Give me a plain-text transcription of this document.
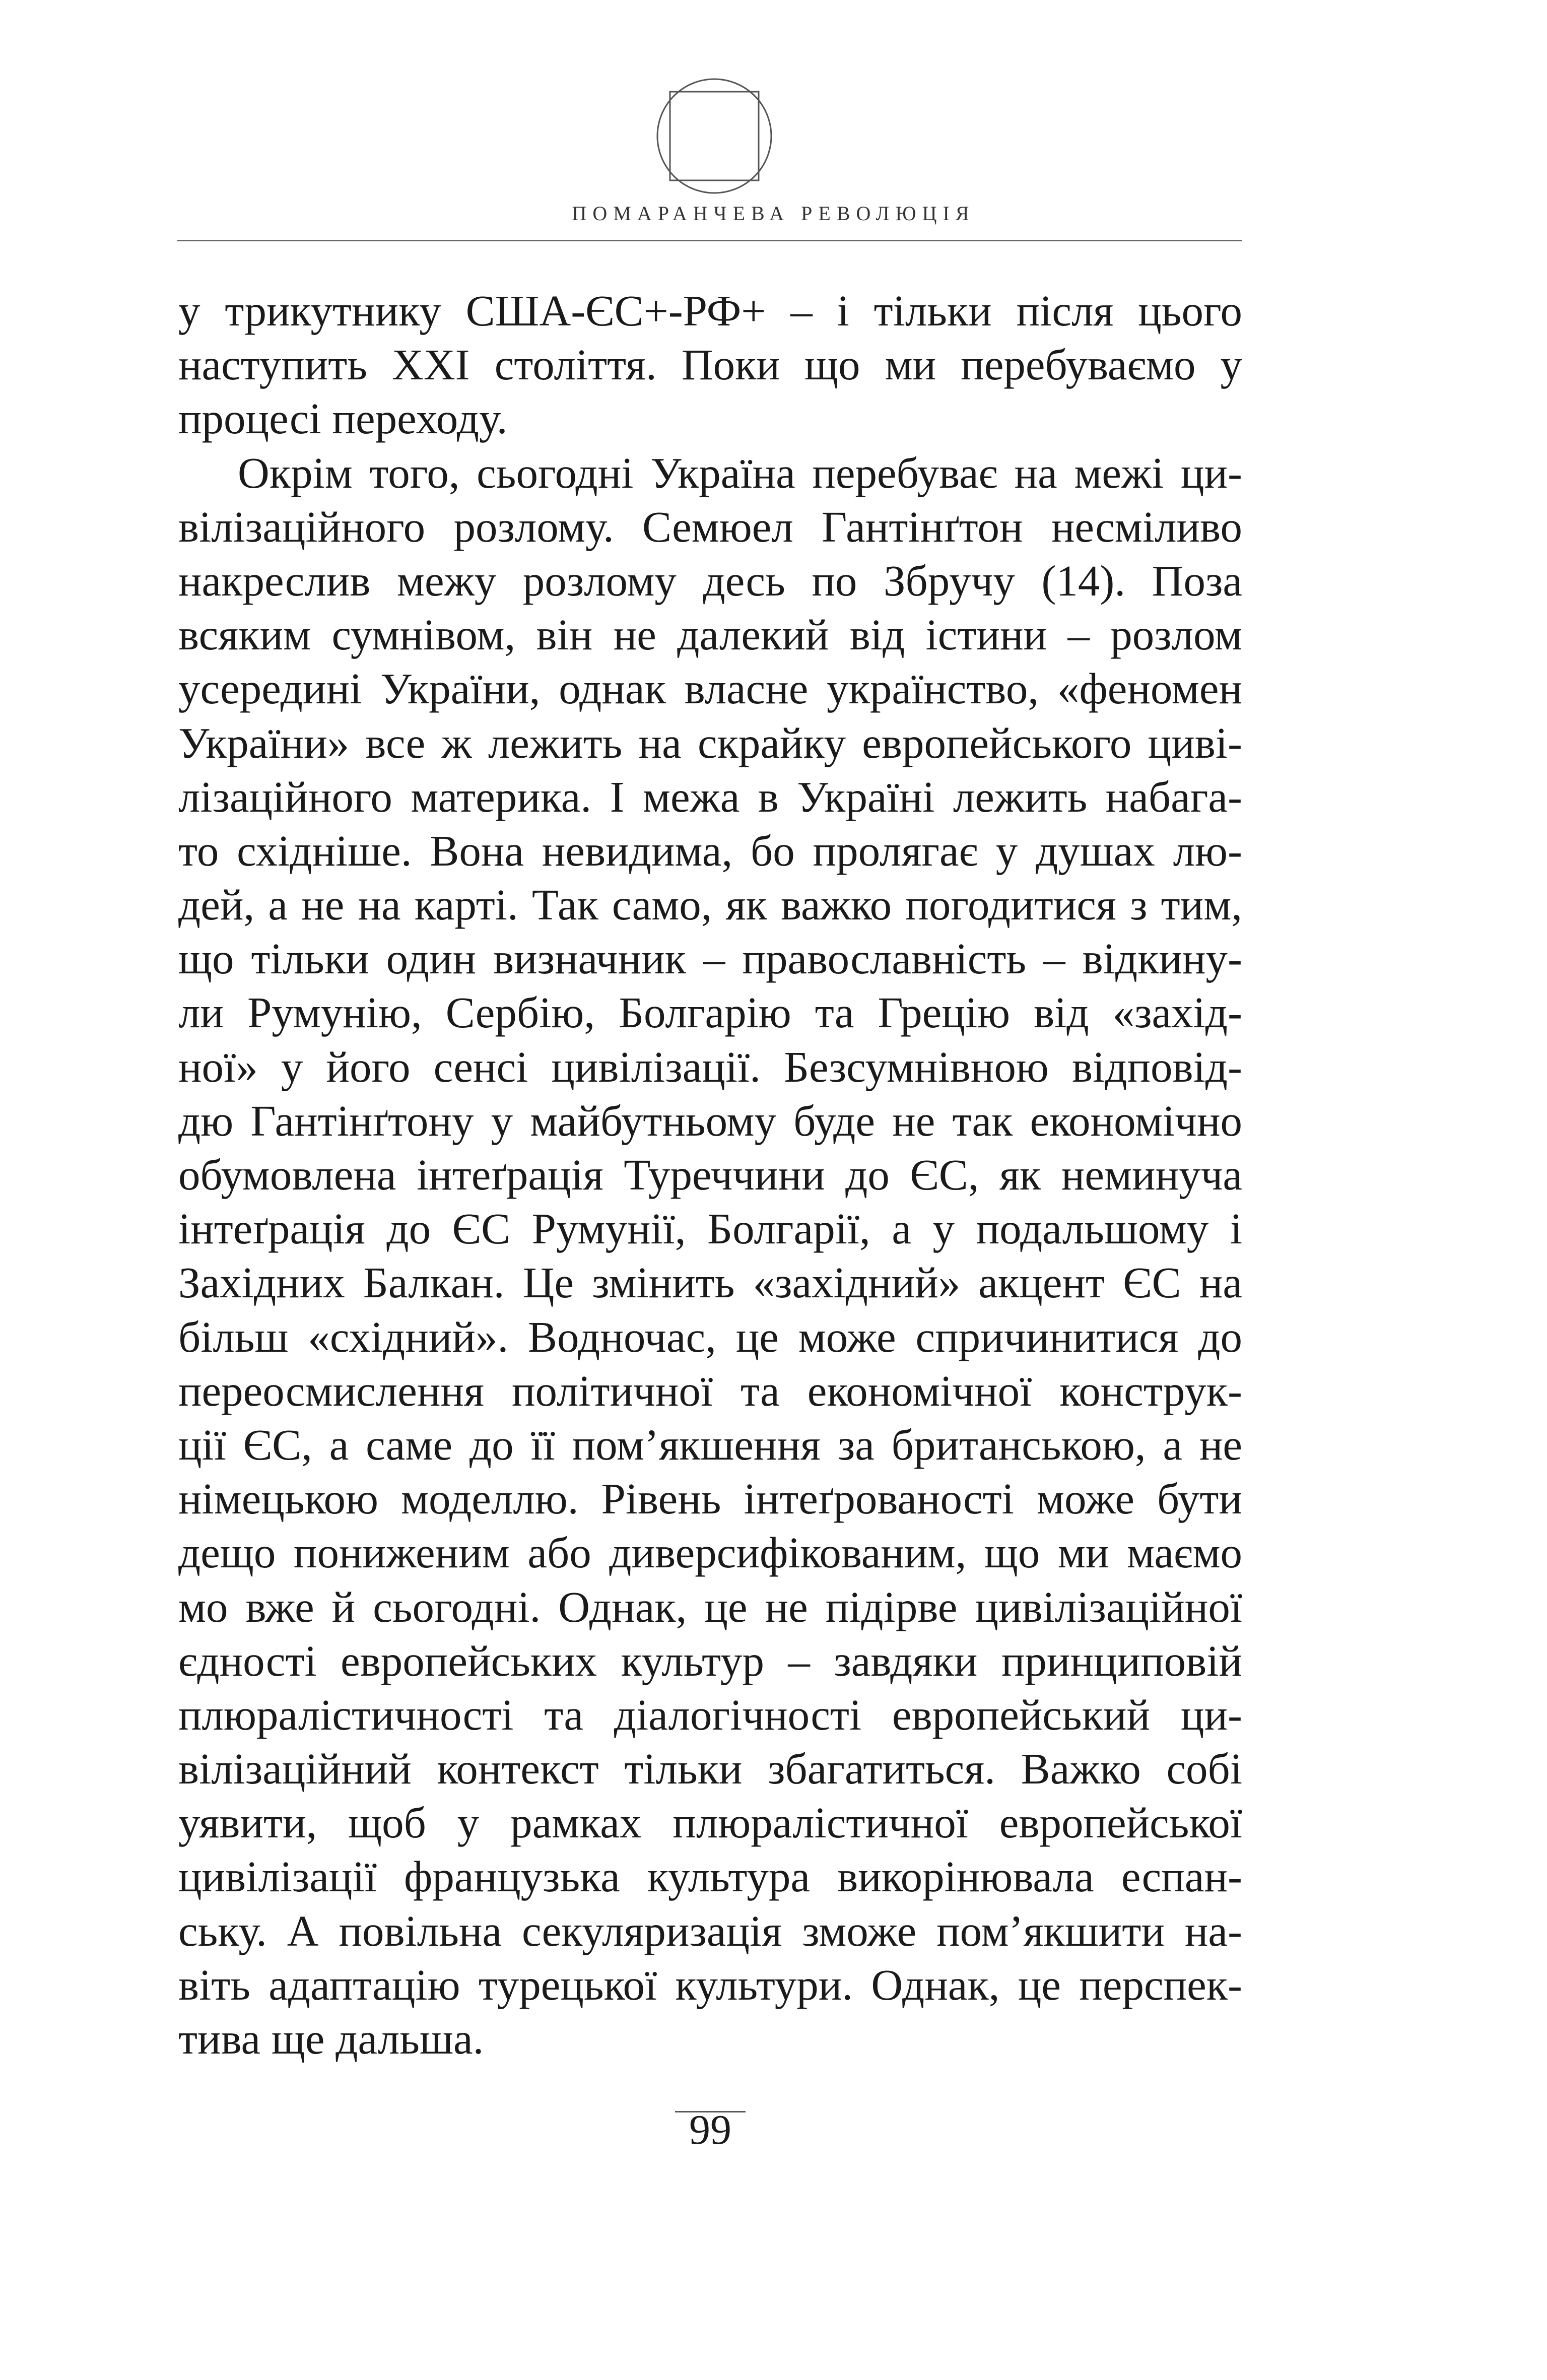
ПОМАРАНЧЕВА РЕВОЛЮЦІЯ
у трикутнику США-ЄС+-РФ+ – і тільки після цього
наступить XXI століття. Поки що ми перебуваємо у
процесі переходу.
Окрім того, сьогодні Україна перебуває на межі ци-
вілізаційного розлому. Семюел Гантінґтон несміливо
накреслив межу розлому десь по Збручу (14). Поза
всяким сумнівом, він не далекий від істини – розлом
усередині України, однак власне українство, «феномен
України» все ж лежить на скрайку европейського циві-
лізаційного материка. І межа в Україні лежить набага-
то східніше. Вона невидима, бо пролягає у душах лю-
дей, а не на карті. Так само, як важко погодитися з тим,
що тільки один визначник – православність – відкину-
ли Румунію, Сербію, Болгарію та Грецію від «захід-
ної» у його сенсі цивілізації. Безсумнівною відповід-
дю Гантінґтону у майбутньому буде не так економічно
обумовлена інтеґрація Туреччини до ЄС, як неминуча
інтеґрація до ЄС Румунії, Болгарії, а у подальшому і
Західних Балкан. Це змінить «західний» акцент ЄС на
більш «східний». Водночас, це може спричинитися до
переосмислення політичної та економічної конструк-
ції ЄС, а саме до її пом’якшення за британською, а не
німецькою моделлю. Рівень інтеґрованості може бути
дещо пониженим або диверсифікованим, що ми маємо
мо вже й сьогодні. Однак, це не підірве цивілізаційної
єдності европейських культур – завдяки принциповій
плюралістичності та діалогічності европейський ци-
вілізаційний контекст тільки збагатиться. Важко собі
уявити, щоб у рамках плюралістичної европейської
цивілізації французька культура викорінювала еспан-
ську. А повільна секуляризація зможе пом’якшити на-
віть адаптацію турецької культури. Однак, це перспек-
тива ще дальша.
99
